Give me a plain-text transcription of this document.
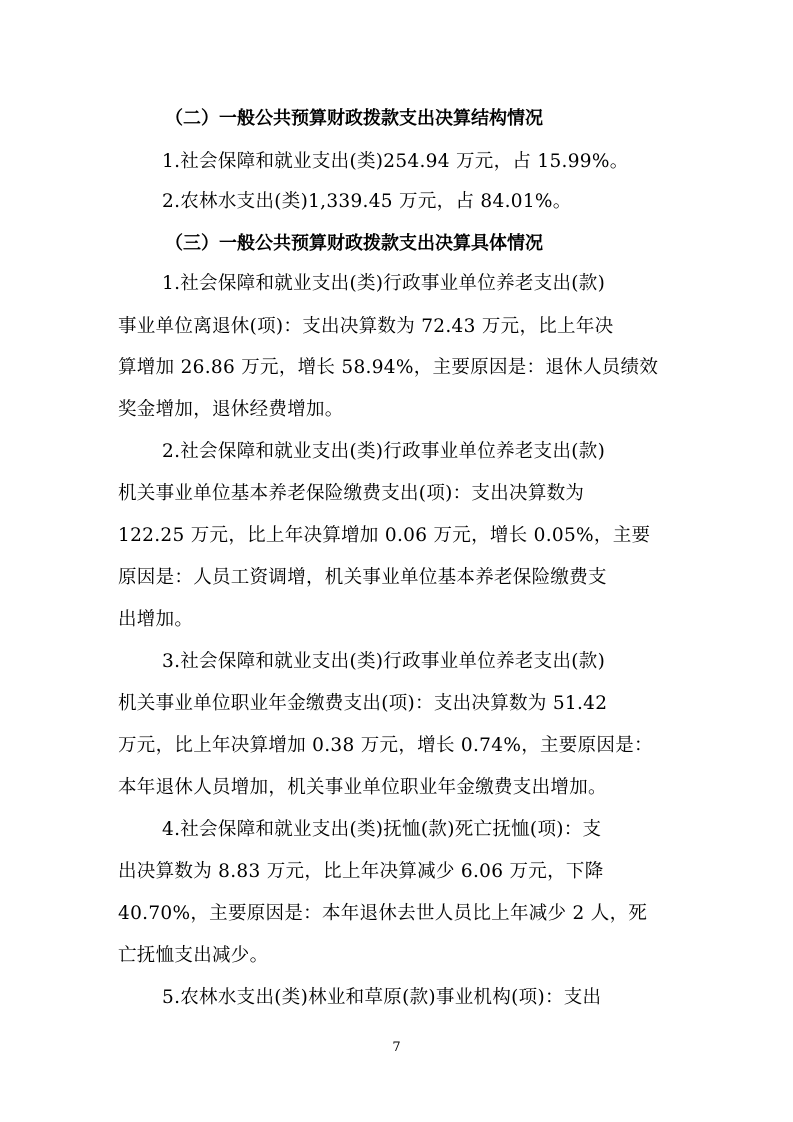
（二）一般公共预算财政拨款支出决算结构情况
1.社会保障和就业支出(类)254.94 万元，占 15.99%。
2.农林水支出(类)1,339.45 万元，占 84.01%。
（三）一般公共预算财政拨款支出决算具体情况
1.社会保障和就业支出(类)行政事业单位养老支出(款)
事业单位离退休(项)：支出决算数为 72.43 万元，比上年决
算增加 26.86 万元，增长 58.94%，主要原因是：退休人员绩效
奖金增加，退休经费增加。
2.社会保障和就业支出(类)行政事业单位养老支出(款)
机关事业单位基本养老保险缴费支出(项)：支出决算数为
122.25 万元，比上年决算增加 0.06 万元，增长 0.05%，主要
原因是：人员工资调增，机关事业单位基本养老保险缴费支
出增加。
3.社会保障和就业支出(类)行政事业单位养老支出(款)
机关事业单位职业年金缴费支出(项)：支出决算数为 51.42
万元，比上年决算增加 0.38 万元，增长 0.74%，主要原因是：
本年退休人员增加，机关事业单位职业年金缴费支出增加。
4.社会保障和就业支出(类)抚恤(款)死亡抚恤(项)：支
出决算数为 8.83 万元，比上年决算减少 6.06 万元，下降
40.70%，主要原因是：本年退休去世人员比上年减少 2 人，死
亡抚恤支出减少。
5.农林水支出(类)林业和草原(款)事业机构(项)：支出
7
